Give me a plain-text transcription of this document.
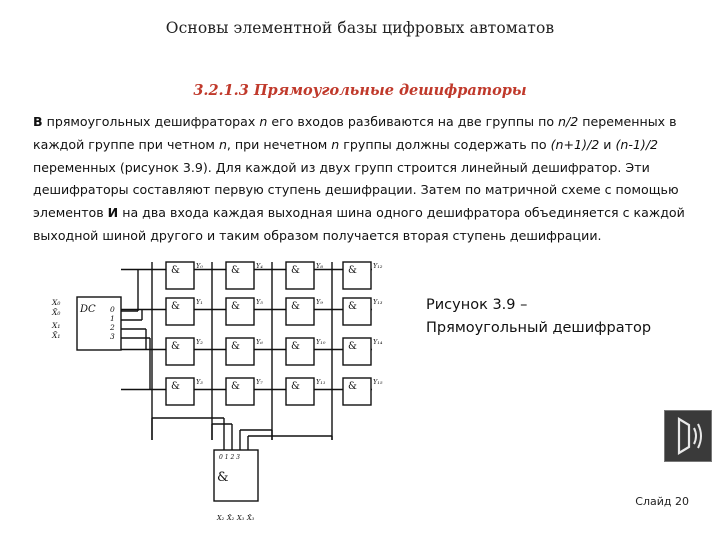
Основы элементной базы цифровых автоматов
3.2.1.3 Прямоугольные дешифраторы
В прямоугольных дешифраторах n его входов разбиваются на две группы по n/2 переменных в каждой группе при четном n, при нечетном n группы должны содержать по (n+1)/2 и (n-1)/2 переменных (рисунок 3.9). Для каждой из двух групп строится линейный дешифратор. Эти дешифраторы составляют первую ступень дешифрации. Затем по матричной схеме с помощью элементов И на два входа каждая выходная шина одного дешифратора объединяется с каждой выходной шиной другого и таким образом получается вторая ступень дешифрации.
& Y₀	& Y₄	& Y₈	& Y₁₂
& Y₁	& Y₅	& Y₉	& Y₁₃
& Y₂	& Y₆	& Y₁₀ & Y₁₄
& Y₃	& Y₇	& Y₁₁ & Y₁₅
DC 0
1
2
3
X₀
X̄₀
X₁
X̄₁
0 1 2 3
&
X₂ X̄₂ X₃ X̄₃
Рисунок 3.9 –
Прямоугольный дешифратор
Слайд 20
